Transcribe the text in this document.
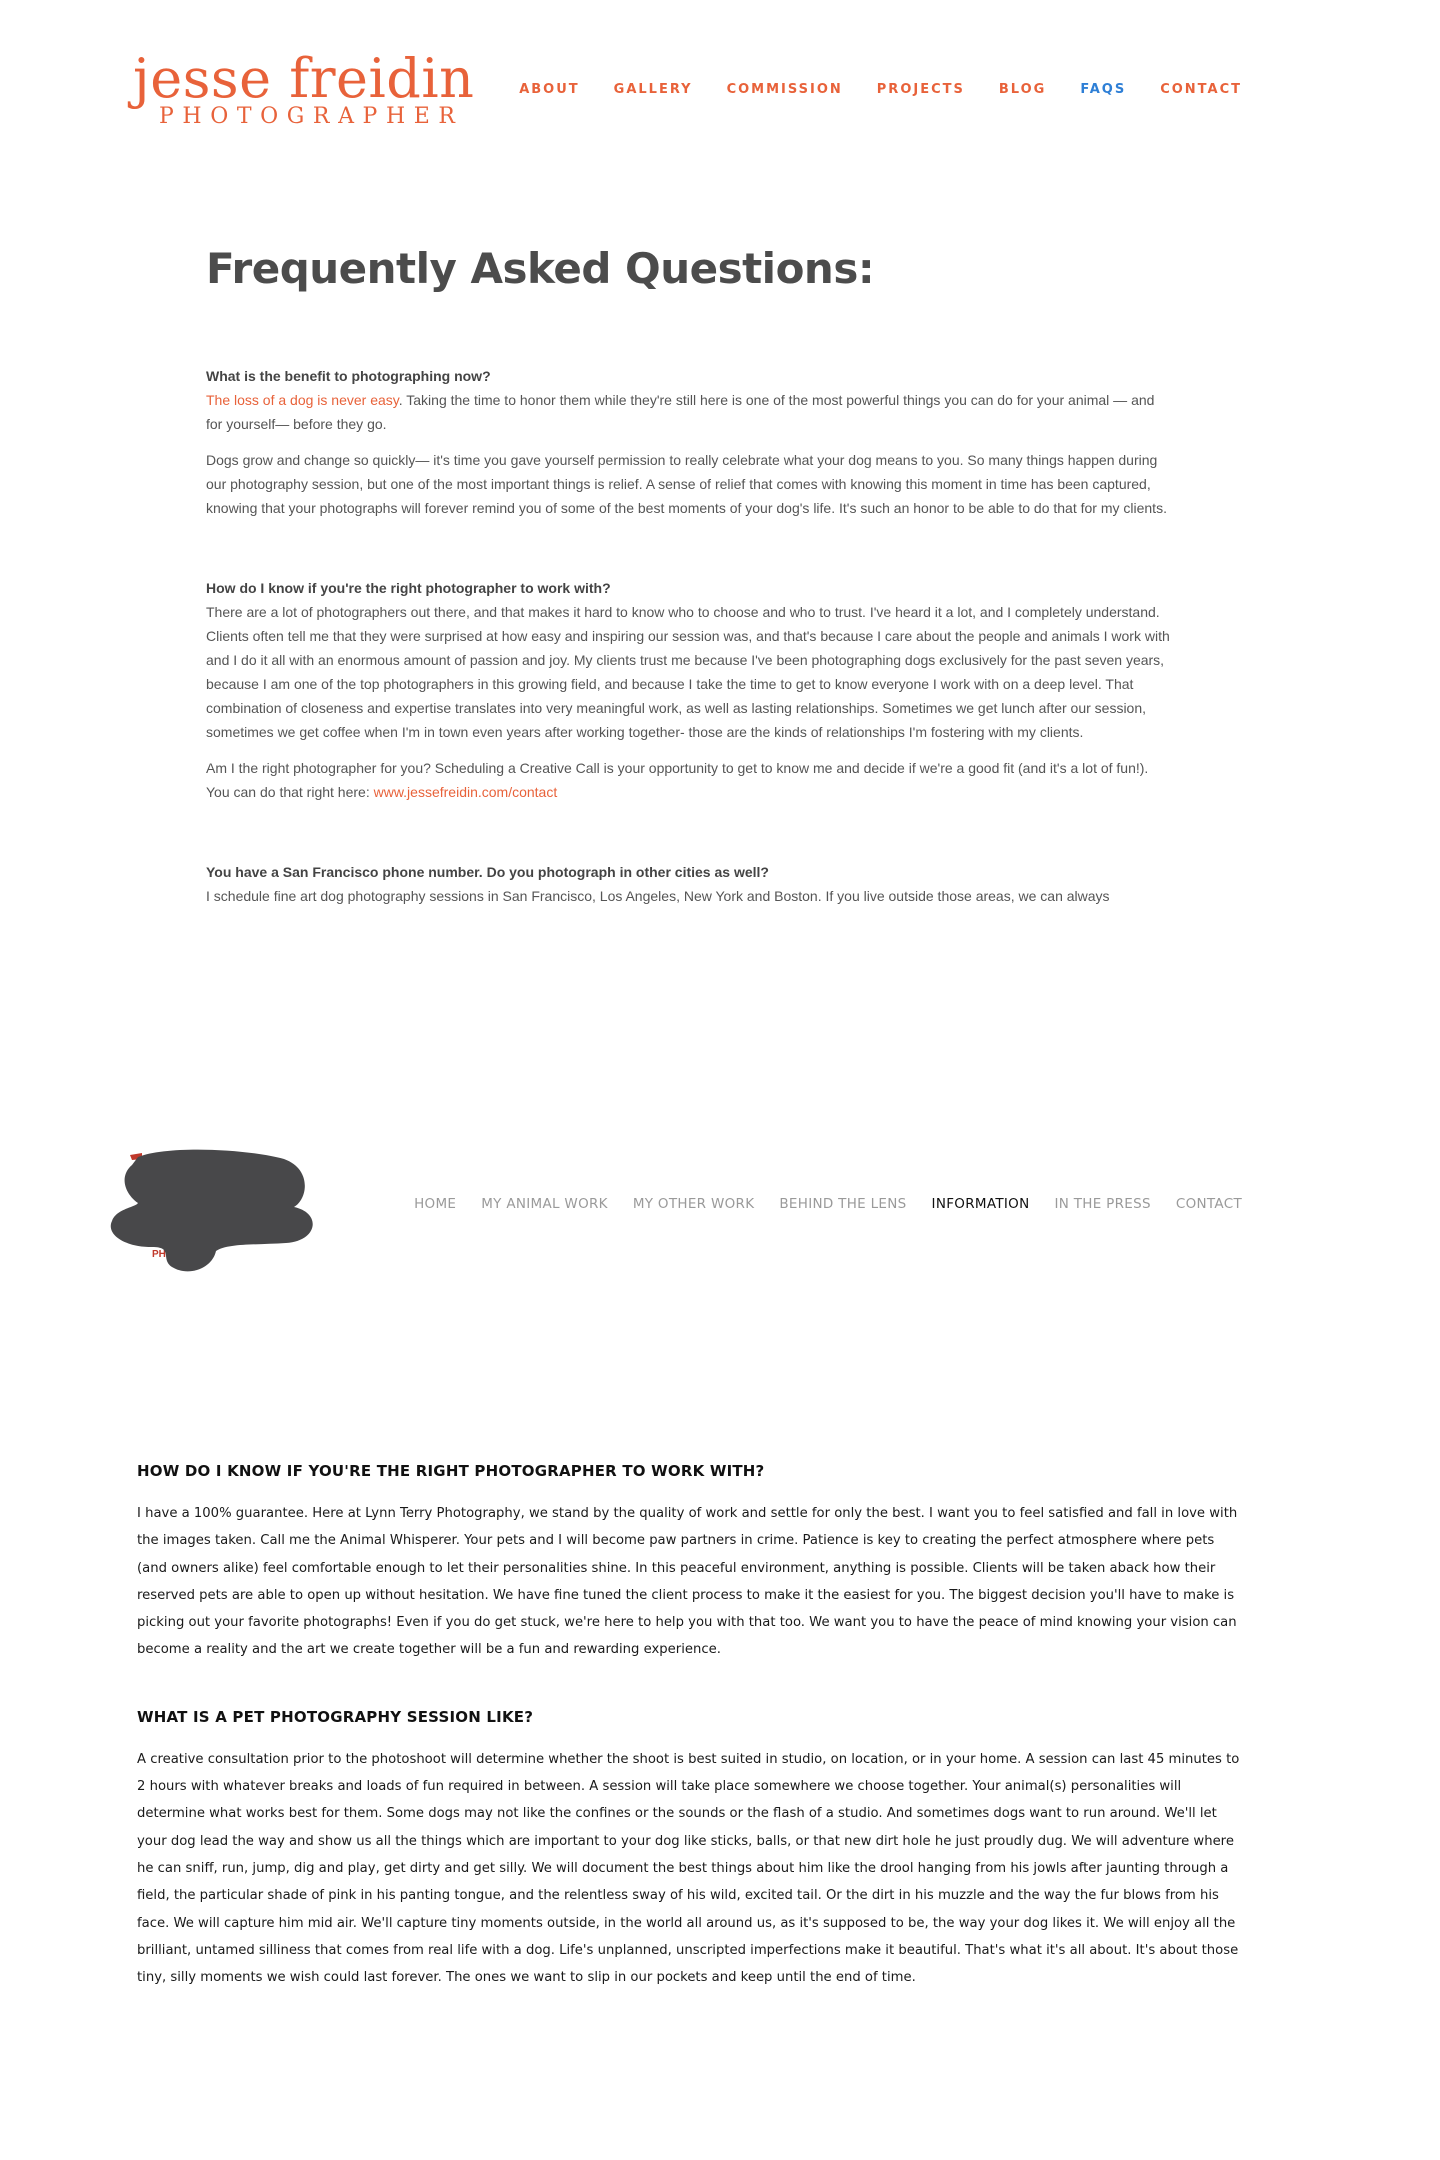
jesse freidin
PHOTOGRAPHER
ABOUT	GALLERY	COMMISSION	PROJECTS	BLOG	FAQS	CONTACT
Frequently Asked Questions:

What is the benefit to photographing now?

The loss of a dog is never easy. Taking the time to honor them while they're still here is one of the most powerful things you can do for your animal — and for yourself— before they go.

Dogs grow and change so quickly— it's time you gave yourself permission to really celebrate what your dog means to you. So many things happen during our photography session, but one of the most important things is relief. A sense of relief that comes with knowing this moment in time has been captured, knowing that your photographs will forever remind you of some of the best moments of your dog's life. It's such an honor to be able to do that for my clients.

How do I know if you're the right photographer to work with?

There are a lot of photographers out there, and that makes it hard to know who to choose and who to trust. I've heard it a lot, and I completely understand. Clients often tell me that they were surprised at how easy and inspiring our session was, and that's because I care about the people and animals I work with and I do it all with an enormous amount of passion and joy. My clients trust me because I've been photographing dogs exclusively for the past seven years, because I am one of the top photographers in this growing field, and because I take the time to get to know everyone I work with on a deep level. That combination of closeness and expertise translates into very meaningful work, as well as lasting relationships. Sometimes we get lunch after our session, sometimes we get coffee when I'm in town even years after working together- those are the kinds of relationships I'm fostering with my clients.

Am I the right photographer for you? Scheduling a Creative Call is your opportunity to get to know me and decide if we're a good fit (and it's a lot of fun!). You can do that right here: www.jessefreidin.com/contact

You have a San Francisco phone number. Do you photograph in other cities as well?

I schedule fine art dog photography sessions in San Francisco, Los Angeles, New York and Boston. If you live outside those areas, we can always

PH
HOME MY ANIMAL WORK MY OTHER WORK BEHIND THE LENS INFORMATION IN THE PRESS CONTACT
HOW DO I KNOW IF YOU'RE THE RIGHT PHOTOGRAPHER TO WORK WITH?

I have a 100% guarantee. Here at Lynn Terry Photography, we stand by the quality of work and settle for only the best. I want you to feel satisfied and fall in love with the images taken. Call me the Animal Whisperer. Your pets and I will become paw partners in crime. Patience is key to creating the perfect atmosphere where pets (and owners alike) feel comfortable enough to let their personalities shine. In this peaceful environment, anything is possible. Clients will be taken aback how their reserved pets are able to open up without hesitation. We have fine tuned the client process to make it the easiest for you. The biggest decision you'll have to make is picking out your favorite photographs! Even if you do get stuck, we're here to help you with that too. We want you to have the peace of mind knowing your vision can become a reality and the art we create together will be a fun and rewarding experience.

WHAT IS A PET PHOTOGRAPHY SESSION LIKE?

A creative consultation prior to the photoshoot will determine whether the shoot is best suited in studio, on location, or in your home. A session can last 45 minutes to 2 hours with whatever breaks and loads of fun required in between. A session will take place somewhere we choose together. Your animal(s) personalities will determine what works best for them. Some dogs may not like the confines or the sounds or the flash of a studio. And sometimes dogs want to run around. We'll let your dog lead the way and show us all the things which are important to your dog like sticks, balls, or that new dirt hole he just proudly dug. We will adventure where he can sniff, run, jump, dig and play, get dirty and get silly. We will document the best things about him like the drool hanging from his jowls after jaunting through a field, the particular shade of pink in his panting tongue, and the relentless sway of his wild, excited tail. Or the dirt in his muzzle and the way the fur blows from his face. We will capture him mid air. We'll capture tiny moments outside, in the world all around us, as it's supposed to be, the way your dog likes it. We will enjoy all the brilliant, untamed silliness that comes from real life with a dog. Life's unplanned, unscripted imperfections make it beautiful. That's what it's all about. It's about those tiny, silly moments we wish could last forever. The ones we want to slip in our pockets and keep until the end of time.
